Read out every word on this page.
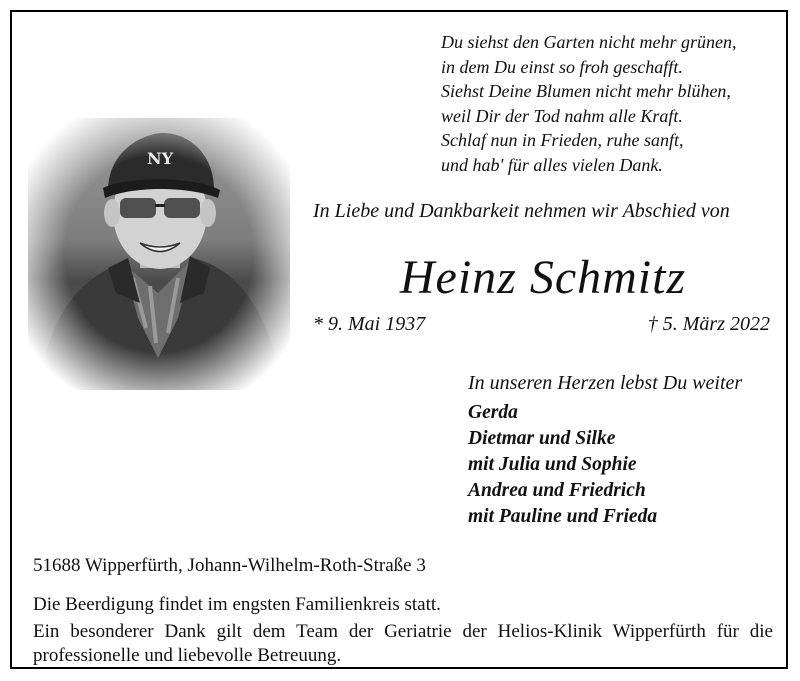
Du siehst den Garten nicht mehr grünen,
in dem Du einst so froh geschafft.
Siehst Deine Blumen nicht mehr blühen,
weil Dir der Tod nahm alle Kraft.
Schlaf nun in Frieden, ruhe sanft,
und hab' für alles vielen Dank.
In Liebe und Dankbarkeit nehmen wir Abschied von
Heinz Schmitz
* 9. Mai 1937	† 5. März 2022
In unseren Herzen lebst Du weiter
Gerda
Dietmar und Silke
mit Julia und Sophie
Andrea und Friedrich
mit Pauline und Frieda
51688 Wipperfürth, Johann-Wilhelm-Roth-Straße 3
Die Beerdigung findet im engsten Familienkreis statt.
Ein besonderer Dank gilt dem Team der Geriatrie der Helios-Klinik Wipperfürth für die professionelle und liebevolle Betreuung.
